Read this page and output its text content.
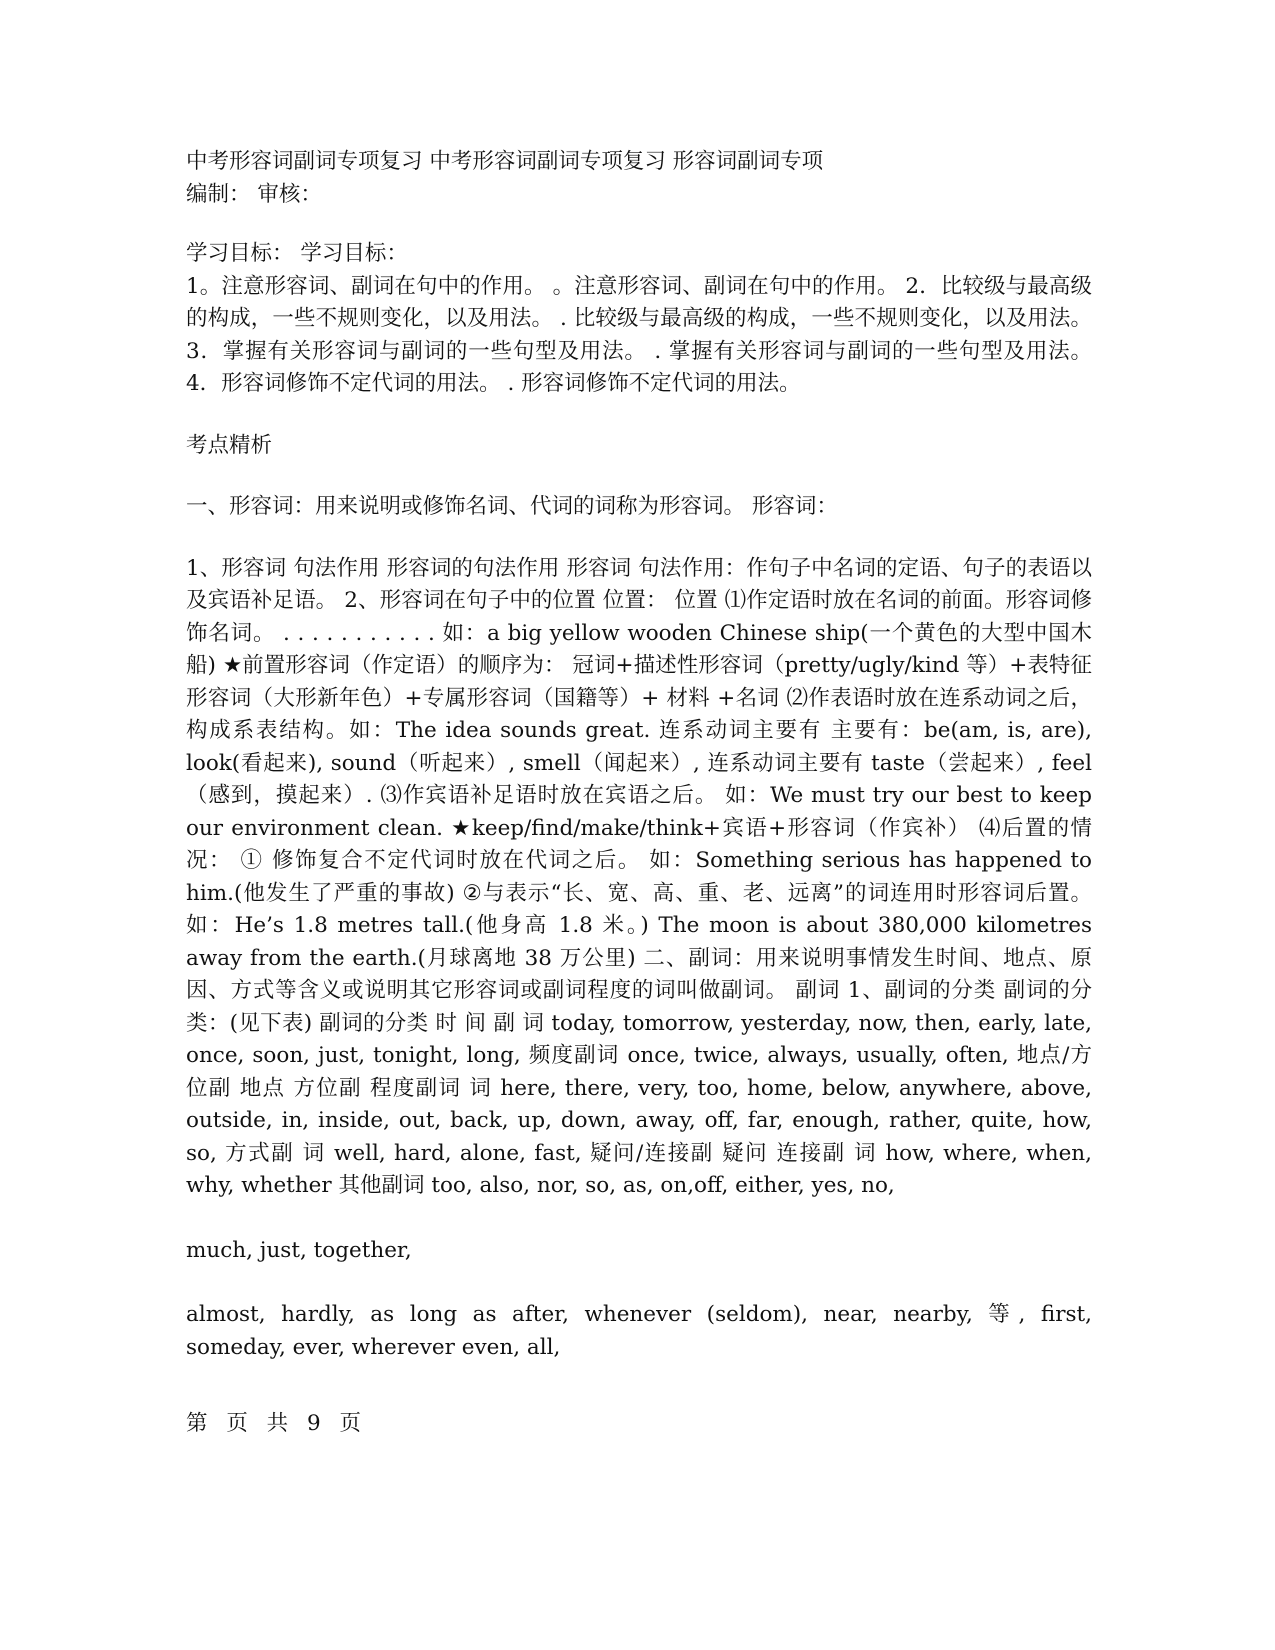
中考形容词副词专项复习 中考形容词副词专项复习 形容词副词专项

编制： 审核：

学习目标： 学习目标：

1。注意形容词、副词在句中的作用。 。注意形容词、副词在句中的作用。 2．比较级与最高级的构成，一些不规则变化，以及用法。 . 比较级与最高级的构成，一些不规则变化，以及用法。 3．掌握有关形容词与副词的一些句型及用法。 . 掌握有关形容词与副词的一些句型及用法。 4．形容词修饰不定代词的用法。 . 形容词修饰不定代词的用法。

考点精析

一、形容词：用来说明或修饰名词、代词的词称为形容词。 形容词：

1、形容词 句法作用 形容词的句法作用 形容词 句法作用：作句子中名词的定语、句子的表语以及宾语补足语。 2、形容词在句子中的位置 位置： 位置 ⑴作定语时放在名词的前面。形容词修饰名词。 . . . . . . . . . . . 如：a big yellow wooden Chinese ship(一个黄色的大型中国木船) ★前置形容词（作定语）的顺序为： 冠词+描述性形容词（pretty/ugly/kind 等）+表特征形容词（大形新年色）+专属形容词（国籍等）+ 材料 +名词 ⑵作表语时放在连系动词之后，构成系表结构。如：The idea sounds great. 连系动词主要有 主要有：be(am, is, are), look(看起来), sound（听起来）, smell（闻起来）, 连系动词主要有 taste（尝起来）, feel（感到，摸起来）. ⑶作宾语补足语时放在宾语之后。 如：We must try our best to keep our environment clean. ★keep/find/make/think+宾语+形容词（作宾补） ⑷后置的情况： ① 修饰复合不定代词时放在代词之后。 如：Something serious has happened to him.(他发生了严重的事故) ②与表示“长、宽、高、重、老、远离”的词连用时形容词后置。 如：He’s 1.8 metres tall.(他身高 1.8 米。) The moon is about 380,000 kilometres away from the earth.(月球离地 38 万公里) 二、副词：用来说明事情发生时间、地点、原因、方式等含义或说明其它形容词或副词程度的词叫做副词。 副词 1、副词的分类 副词的分类：(见下表) 副词的分类 时 间 副 词 today, tomorrow, yesterday, now, then, early, late, once, soon, just, tonight, long, 频度副词 once, twice, always, usually, often, 地点/方位副 地点 方位副 程度副词 词 here, there, very, too, home, below, anywhere, above, outside, in, inside, out, back, up, down, away, off, far, enough, rather, quite, how, so, 方式副 词 well, hard, alone, fast, 疑问/连接副 疑问 连接副 词 how, where, when, why, whether 其他副词 too, also, nor, so, as, on,off, either, yes, no,

much, just, together,

almost, hardly, as long as after, whenever (seldom), near, nearby, 等, first, someday, ever, wherever even, all,

第 页 共 9 页
